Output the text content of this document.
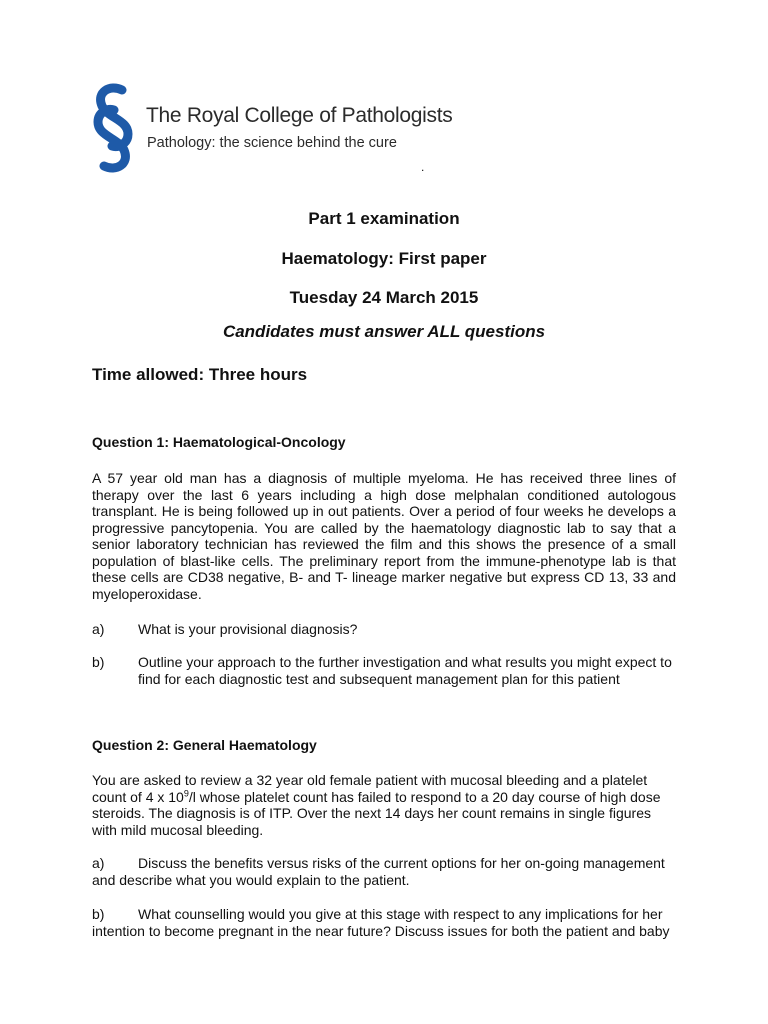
The Royal College of Pathologists
Pathology: the science behind the cure
.
Part 1 examination
Haematology: First paper
Tuesday 24 March 2015
Candidates must answer ALL questions
Time allowed: Three hours
Question 1: Haematological-Oncology
A 57 year old man has a diagnosis of multiple myeloma. He has received three lines of therapy over the last 6 years including a high dose melphalan conditioned autologous transplant. He is being followed up in out patients. Over a period of four weeks he develops a progressive pancytopenia. You are called by the haematology diagnostic lab to say that a senior laboratory technician has reviewed the film and this shows the presence of a small population of blast-like cells. The preliminary report from the immune-phenotype lab is that these cells are CD38 negative, B- and T- lineage marker negative but express CD 13, 33 and myeloperoxidase.
a) What is your provisional diagnosis?
b) Outline your approach to the further investigation and what results you might expect to find for each diagnostic test and subsequent management plan for this patient
Question 2: General Haematology
You are asked to review a 32 year old female patient with mucosal bleeding and a platelet count of 4 x $10^9/l$ whose platelet count has failed to respond to a 20 day course of high dose steroids. The diagnosis is of ITP. Over the next 14 days her count remains in single figures with mild mucosal bleeding.
a) Discuss the benefits versus risks of the current options for her on-going management and describe what you would explain to the patient.
b) What counselling would you give at this stage with respect to any implications for her intention to become pregnant in the near future? Discuss issues for both the patient and baby
